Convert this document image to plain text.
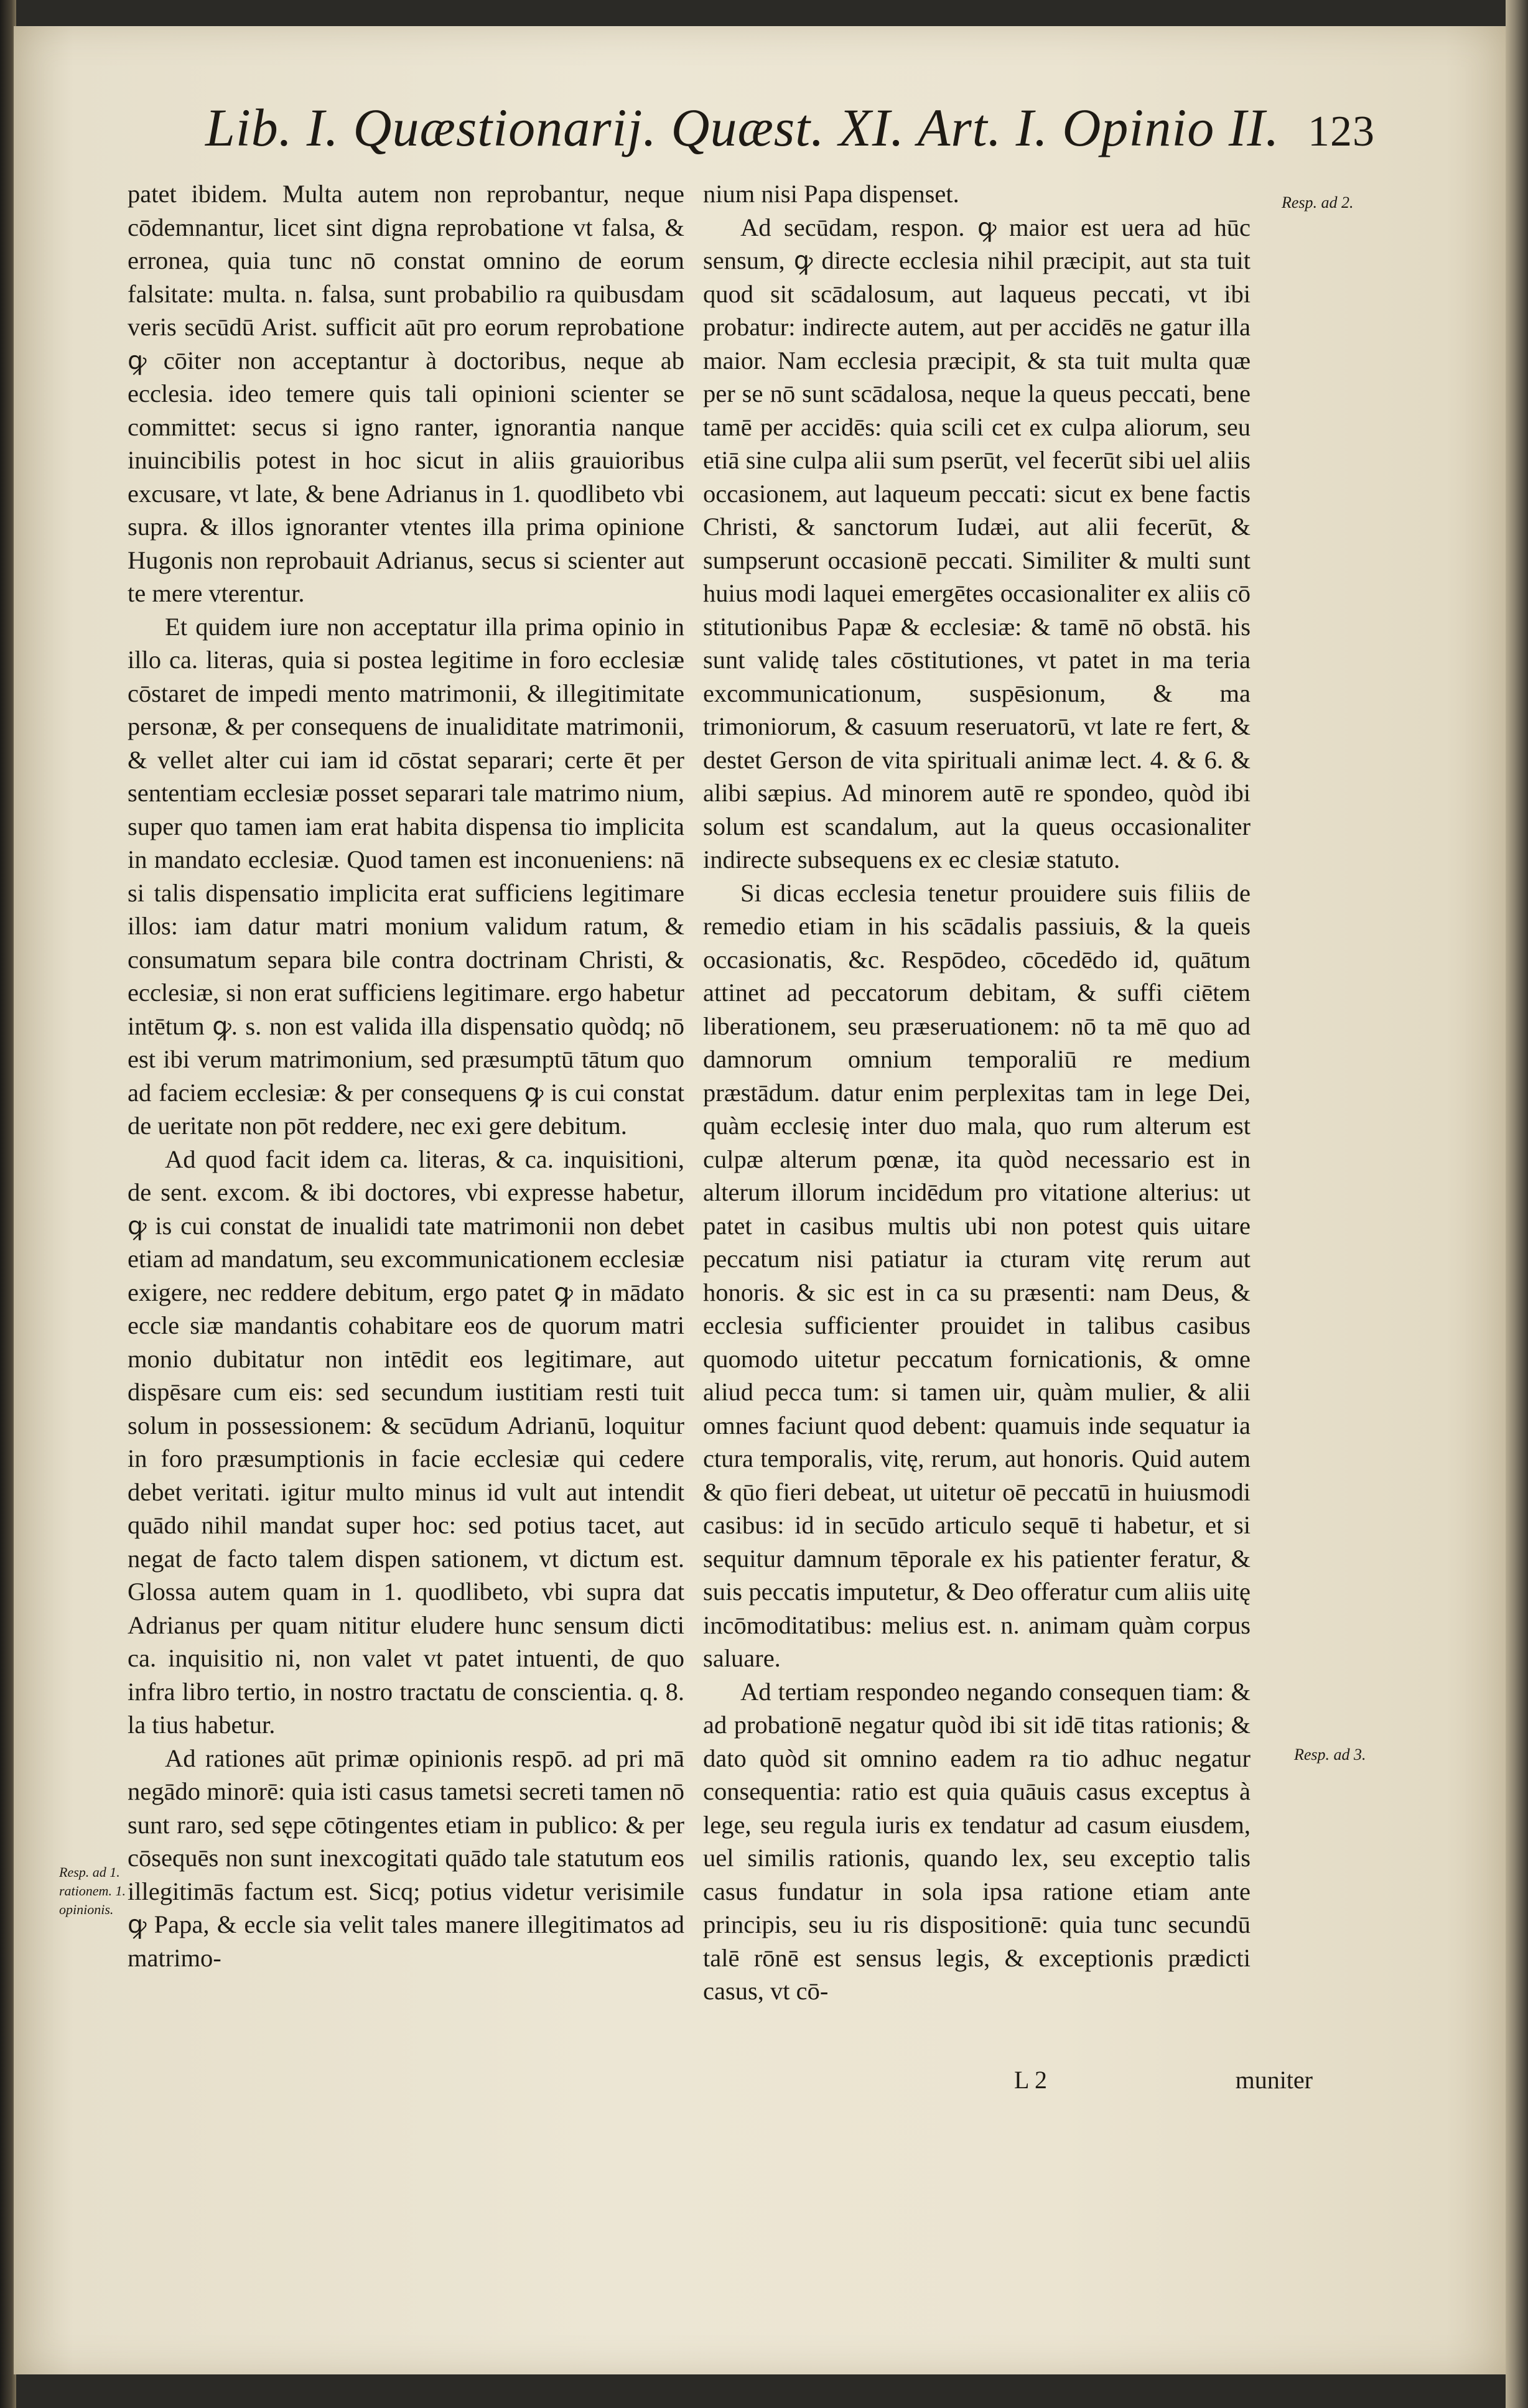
Lib. I. Quæstionarij. Quæst. XI. Art. I. Opinio II. 123
Resp. ad 2.
Resp. ad 3.
Resp. ad 1. rationem. 1. opinionis.

patet ibidem. Multa autem non reprobantur, neque cōdemnantur, licet sint digna reprobatione vt falsa, & erronea, quia tunc nō constat omnino de eorum falsitate: multa. n. falsa, sunt probabilio ra quibusdam veris secūdū Arist. sufficit aūt pro eorum reprobatione ꝙ cōiter non acceptantur à doctoribus, neque ab ecclesia. ideo temere quis tali opinioni scienter se committet: secus si igno ranter, ignorantia nanque inuincibilis potest in hoc sicut in aliis grauioribus excusare, vt late, & bene Adrianus in 1. quodlibeto vbi supra. & illos ignoranter vtentes illa prima opinione Hugonis non reprobauit Adrianus, secus si scienter aut te mere vterentur.

Et quidem iure non acceptatur illa prima opinio in illo ca. literas, quia si postea legitime in foro ecclesiæ cōstaret de impedi mento matrimonii, & illegitimitate personæ, & per consequens de inualiditate matrimonii, & vellet alter cui iam id cōstat separari; certe ēt per sententiam ecclesiæ posset separari tale matrimo nium, super quo tamen iam erat habita dispensa tio implicita in mandato ecclesiæ. Quod tamen est inconueniens: nā si talis dispensatio implicita erat sufficiens legitimare illos: iam datur matri monium validum ratum, & consumatum separa bile contra doctrinam Christi, & ecclesiæ, si non erat sufficiens legitimare. ergo habetur intētum ꝙ. s. non est valida illa dispensatio quòdq; nō est ibi verum matrimonium, sed præsumptū tātum quo ad faciem ecclesiæ: & per consequens ꝙ is cui constat de ueritate non pōt reddere, nec exi gere debitum.

Ad quod facit idem ca. literas, & ca. inquisitioni, de sent. excom. & ibi doctores, vbi expresse habetur, ꝙ is cui constat de inualidi tate matrimonii non debet etiam ad mandatum, seu excommunicationem ecclesiæ exigere, nec reddere debitum, ergo patet ꝙ in mādato eccle siæ mandantis cohabitare eos de quorum matri monio dubitatur non intēdit eos legitimare, aut dispēsare cum eis: sed secundum iustitiam resti tuit solum in possessionem: & secūdum Adrianū, loquitur in foro præsumptionis in facie ecclesiæ qui cedere debet veritati. igitur multo minus id vult aut intendit quādo nihil mandat super hoc: sed potius tacet, aut negat de facto talem dispen sationem, vt dictum est. Glossa autem quam in 1. quodlibeto, vbi supra dat Adrianus per quam nititur eludere hunc sensum dicti ca. inquisitio ni, non valet vt patet intuenti, de quo infra libro tertio, in nostro tractatu de conscientia. q. 8. la tius habetur.

Ad rationes aūt primæ opinionis respō. ad pri mā negādo minorē: quia isti casus tametsi secreti tamen nō sunt raro, sed sępe cōtingentes etiam in publico: & per cōsequēs non sunt inexcogitati quādo tale statutum eos illegitimās factum est. Sicq; potius videtur verisimile ꝙ Papa, & eccle sia velit tales manere illegitimatos ad matrimo-

nium nisi Papa dispenset.

Ad secūdam, respon. ꝙ maior est uera ad hūc sensum, ꝙ directe ecclesia nihil præcipit, aut sta tuit quod sit scādalosum, aut laqueus peccati, vt ibi probatur: indirecte autem, aut per accidēs ne gatur illa maior. Nam ecclesia præcipit, & sta tuit multa quæ per se nō sunt scādalosa, neque la queus peccati, bene tamē per accidēs: quia scili cet ex culpa aliorum, seu etiā sine culpa alii sum pserūt, vel fecerūt sibi uel aliis occasionem, aut laqueum peccati: sicut ex bene factis Christi, & sanctorum Iudæi, aut alii fecerūt, & sumpserunt occasionē peccati. Similiter & multi sunt huius modi laquei emergētes occasionaliter ex aliis cō stitutionibus Papæ & ecclesiæ: & tamē nō obstā. his sunt validę tales cōstitutiones, vt patet in ma teria excommunicationum, suspēsionum, & ma trimoniorum, & casuum reseruatorū, vt late re fert, & destet Gerson de vita spirituali animæ lect. 4. & 6. & alibi sæpius. Ad minorem autē re spondeo, quòd ibi solum est scandalum, aut la queus occasionaliter indirecte subsequens ex ec clesiæ statuto.

Si dicas ecclesia tenetur prouidere suis filiis de remedio etiam in his scādalis passiuis, & la queis occasionatis, &c. Respōdeo, cōcedēdo id, quātum attinet ad peccatorum debitam, & suffi ciētem liberationem, seu præseruationem: nō ta mē quo ad damnorum omnium temporaliū re medium præstādum. datur enim perplexitas tam in lege Dei, quàm ecclesię inter duo mala, quo rum alterum est culpæ alterum pœnæ, ita quòd necessario est in alterum illorum incidēdum pro vitatione alterius: ut patet in casibus multis ubi non potest quis uitare peccatum nisi patiatur ia cturam vitę rerum aut honoris. & sic est in ca su præsenti: nam Deus, & ecclesia sufficienter prouidet in talibus casibus quomodo uitetur peccatum fornicationis, & omne aliud pecca tum: si tamen uir, quàm mulier, & alii omnes faciunt quod debent: quamuis inde sequatur ia ctura temporalis, vitę, rerum, aut honoris. Quid autem & qūo fieri debeat, ut uitetur oē peccatū in huiusmodi casibus: id in secūdo articulo sequē ti habetur, et si sequitur damnum tēporale ex his patienter feratur, & suis peccatis imputetur, & Deo offeratur cum aliis uitę incōmoditatibus: melius est. n. animam quàm corpus saluare.

Ad tertiam respondeo negando consequen tiam: & ad probationē negatur quòd ibi sit idē titas rationis; & dato quòd sit omnino eadem ra tio adhuc negatur consequentia: ratio est quia quāuis casus exceptus à lege, seu regula iuris ex tendatur ad casum eiusdem, uel similis rationis, quando lex, seu exceptio talis casus fundatur in sola ipsa ratione etiam ante principis, seu iu ris dispositionē: quia tunc secundū talē rōnē est sensus legis, & exceptionis prædicti casus, vt cō-

L 2	muniter
